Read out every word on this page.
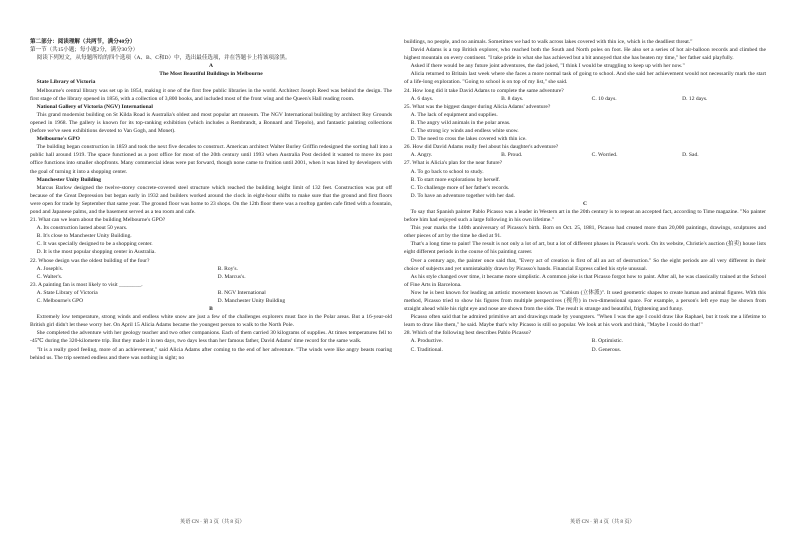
第二部分：阅读理解（共两节，满分40分）

第一节（共15小题；每小题2分，满分30分）

阅读下列短文，从每题所给的四个选项（A、B、C和D）中，选出最佳选项，并在答题卡上将该项涂黑。

A

The Most Beautiful Buildings in Melbourne

State Library of Victoria

Melbourne's central library was set up in 1854, making it one of the first free public libraries in the world. Architect Joseph Reed was behind the design. The first stage of the library opened in 1856, with a collection of 3,800 books, and included most of the front wing and the Queen's Hall reading room.

National Gallery of Victoria (NGV) International

This grand modernist building on St Kilda Road is Australia's oldest and most popular art museum. The NGV International building by architect Roy Grounds opened in 1968. The gallery is known for its top-ranking exhibition (which includes a Rembrandt, a Bonnard and Tiepolo), and fantastic painting collections (before we've seen exhibitions devoted to Van Gogh, and Monet).

Melbourne's GPO

The building began construction in 1859 and took the next five decades to construct. American architect Walter Burley Griffin redesigned the sorting hall into a public hall around 1919. The space functioned as a post office for most of the 20th century until 1993 when Australia Post decided it wanted to move its post office functions into smaller shopfronts. Many commercial ideas were put forward, though none came to fruition until 2001, when it was hired by developers with the goal of turning it into a shopping center.

Manchester Unity Building

Marcus Barlow designed the twelve-storey concrete-covered steel structure which reached the building height limit of 132 feet. Construction was put off because of the Great Depression but began early in 1932 and builders worked around the clock in eight-hour shifts to make sure that the ground and first floors were open for trade by September that same year. The ground floor was home to 23 shops. On the 12th floor there was a rooftop garden cafe fitted with a fountain, pond and Japanese palms, and the basement served as a tea room and cafe.

21. What can we learn about the building Melbourne's GPO?

A. Its construction lasted about 50 years.

B. It's close to Manchester Unity Building.

C. It was specially designed to be a shopping center.

D. It is the most popular shopping center in Australia.

22. Whose design was the oldest building of the four?

A. Joseph's.	B. Roy's.
C. Walter's.	D. Marcus's.

23. A painting fan is most likely to visit ________.

A. State Library of Victoria	B. NGV International
C. Melbourne's GPO	D. Manchester Unity Building

B

Extremely low temperature, strong winds and endless white snow are just a few of the challenges explorers must face in the Polar areas. But a 16-year-old British girl didn't let these worry her. On April 15 Alicia Adams became the youngest person to walk to the North Pole.

She completed the adventure with her geology teacher and two other companions. Each of them carried 30 kilograms of supplies. At times temperatures fell to -45℃ during the 320-kilometre trip. But they made it in ten days, two days less than her famous father, David Adams' time record for the same walk.

"It is a really good feeling, more of an achievement," said Alicia Adams after coming to the end of her adventure. "The winds were like angry beasts roaring behind us. The trip seemed endless and there was nothing in sight; no

buildings, no people, and no animals. Sometimes we had to walk across lakes covered with thin ice, which is the deadliest threat."

David Adams is a top British explorer, who reached both the South and North poles on foot. He also set a series of hot air-balloon records and climbed the highest mountain on every continent. "I take pride in what she has achieved but a bit annoyed that she has beaten my time," her father said playfully.

Asked if there would be any future joint adventures, the dad joked, "I think I would be struggling to keep up with her now."

Alicia returned to Britain last week where she faces a more normal task of going to school. And she said her achievement would not necessarily mark the start of a life-long exploration. "Going to school is on top of my list," she said.

24. How long did it take David Adams to complete the same adventure?

A. 6 days.	B. 8 days.	C. 10 days.	D. 12 days.

25. What was the biggest danger during Alicia Adams' adventure?

A. The lack of equipment and supplies.

B. The angry wild animals in the polar areas.

C. The strong icy winds and endless white snow.

D. The need to cross the lakes covered with thin ice.

26. How did David Adams really feel about his daughter's adventure?

A. Angry.	B. Proud.	C. Worried.	D. Sad.

27. What is Alicia's plan for the near future?

A. To go back to school to study.

B. To start more explorations by herself.

C. To challenge more of her father's records.

D. To have an adventure together with her dad.

C

To say that Spanish painter Pablo Picasso was a leader in Western art in the 20th century is to repeat an accepted fact, according to Time magazine. "No painter before him had enjoyed such a large following in his own lifetime."

This year marks the 140th anniversary of Picasso's birth. Born on Oct. 25, 1881, Picasso had created more than 20,000 paintings, drawings, sculptures and other pieces of art by the time he died at 91.

That's a long time to paint! The result is not only a lot of art, but a lot of different phases in Picasso's work. On its website, Christie's auction (拍卖) house lists eight different periods in the course of his painting career.

Over a century ago, the painter once said that, "Every act of creation is first of all an act of destruction." So the eight periods are all very different in their choice of subjects and yet unmistakably drawn by Picasso's hands. Financial Express called his style unusual.

As his style changed over time, it became more simplistic. A common joke is that Picasso forgot how to paint. After all, he was classically trained at the School of Fine Arts in Barcelona.

Now he is best known for leading an artistic movement known as "Cubism (立体派)". It used geometric shapes to create human and animal figures. With this method, Picasso tried to show his figures from multiple perspectives (视角) in two-dimensional space. For example, a person's left eye may be shown from straight ahead while his right eye and nose are shown from the side. The result is strange and beautiful, frightening and funny.

Picasso often said that he admired primitive art and drawings made by youngsters. "When I was the age I could draw like Raphael, but it took me a lifetime to learn to draw like them," he said. Maybe that's why Picasso is still so popular. We look at his work and think, "Maybe I could do that!"

28. Which of the following best describes Pablo Picasso?

A. Productive.	B. Optimistic.
C. Traditional.	D. Generous.
英语 CN · 第 3 页（共 8 页）	英语 CN · 第 4 页（共 8 页）
